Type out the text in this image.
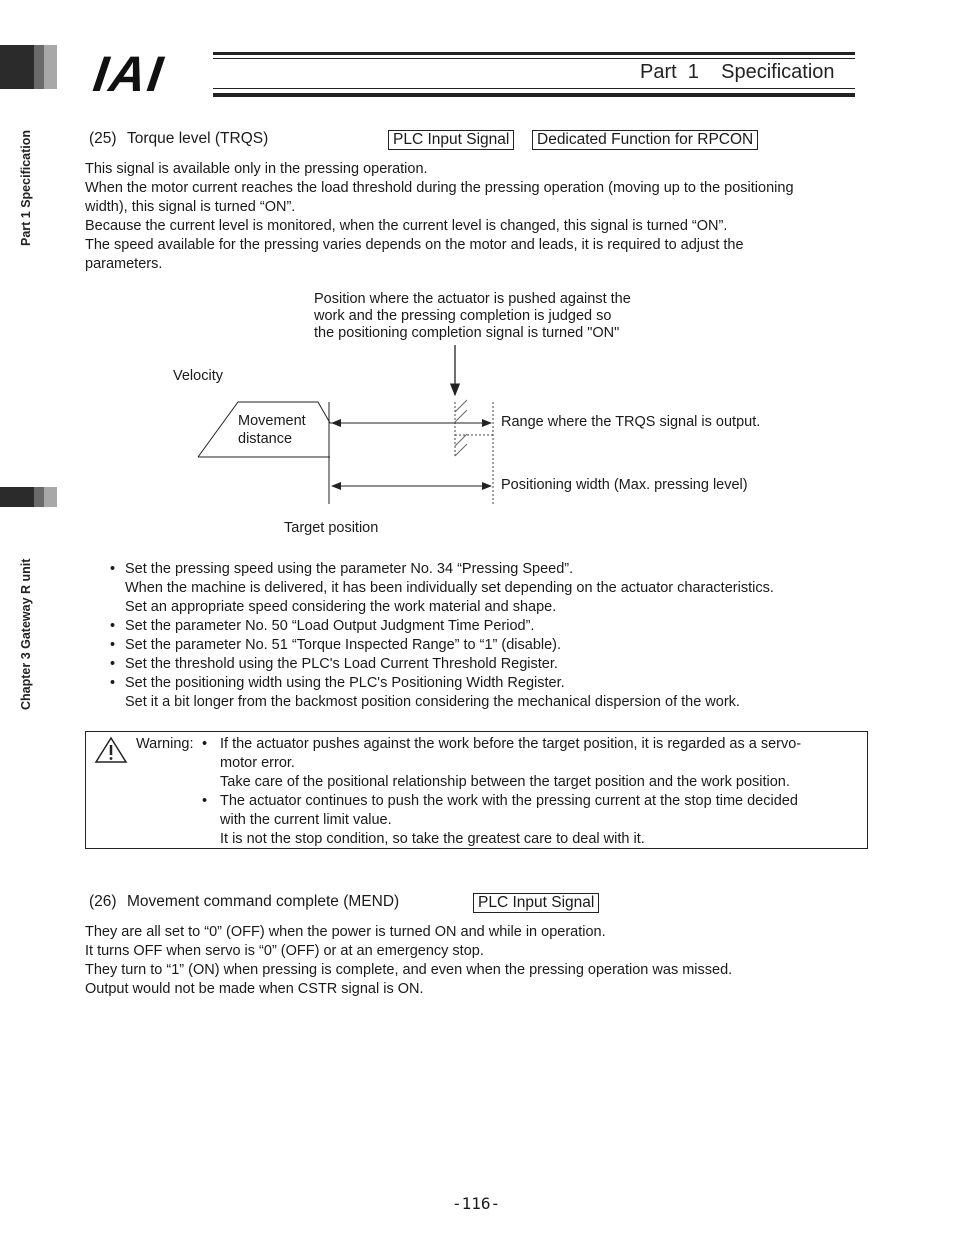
Part 1 Specification
Chapter 3 Gateway R unit
IAI	Part  1    Specification
(25) Torque level (TRQS)	PLC Input Signal	Dedicated Function for RPCON
This signal is available only in the pressing operation.
When the motor current reaches the load threshold during the pressing operation (moving up to the positioning
width), this signal is turned “ON”.
Because the current level is monitored, when the current level is changed, this signal is turned “ON”.
The speed available for the pressing varies depends on the motor and leads, it is required to adjust the
parameters.
Position where the actuator is pushed against the
work and the pressing completion is judged so
the positioning completion signal is turned "ON"
Velocity
Movement
distance
Range where the TRQS signal is output.
Positioning width (Max. pressing level)
Target position
• Set the pressing speed using the parameter No. 34 “Pressing Speed”.
When the machine is delivered, it has been individually set depending on the actuator characteristics.
Set an appropriate speed considering the work material and shape.
• Set the parameter No. 50 “Load Output Judgment Time Period”.
• Set the parameter No. 51 “Torque Inspected Range” to “1” (disable).
• Set the threshold using the PLC's Load Current Threshold Register.
• Set the positioning width using the PLC's Positioning Width Register.
Set it a bit longer from the backmost position considering the mechanical dispersion of the work.
Warning: • If the actuator pushes against the work before the target position, it is regarded as a servo-
motor error.
Take care of the positional relationship between the target position and the work position.
• The actuator continues to push the work with the pressing current at the stop time decided
with the current limit value.
It is not the stop condition, so take the greatest care to deal with it.
(26) Movement command complete (MEND)	PLC Input Signal
They are all set to “0” (OFF) when the power is turned ON and while in operation.
It turns OFF when servo is “0” (OFF) or at an emergency stop.
They turn to “1” (ON) when pressing is complete, and even when the pressing operation was missed.
Output would not be made when CSTR signal is ON.
-116-
